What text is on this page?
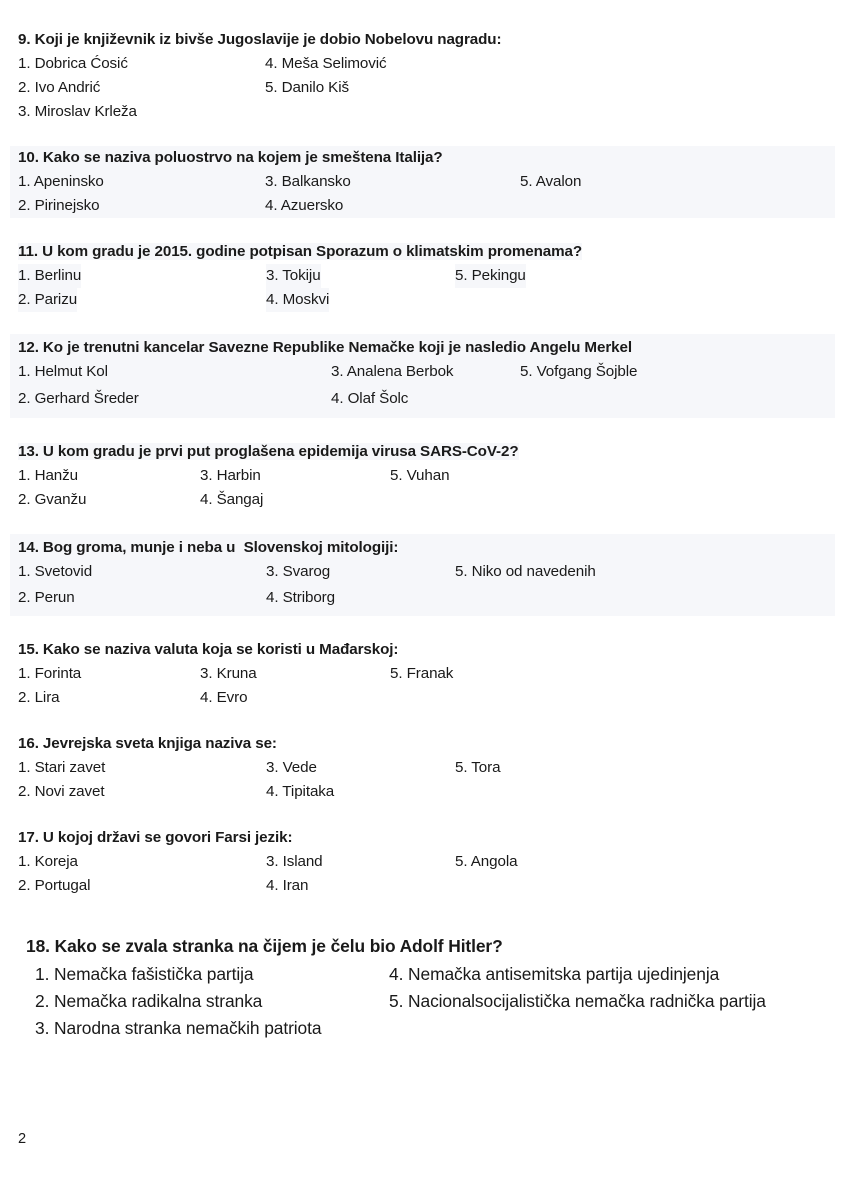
9. Koji je književnik iz bivše Jugoslavije je dobio Nobelovu nagradu:
1. Dobrica Ćosić	4. Meša Selimović
2. Ivo Andrić	5. Danilo Kiš
3. Miroslav Krleža
10. Kako se naziva poluostrvo na kojem je smeštena Italija?
1. Apeninsko	3. Balkansko	5. Avalon
2. Pirinejsko	4. Azuersko
11. U kom gradu je 2015. godine potpisan Sporazum o klimatskim promenama?
1. Berlinu	3. Tokiju	5. Pekingu
2. Parizu	4. Moskvi
12. Ko je trenutni kancelar Savezne Republike Nemačke koji je nasledio Angelu Merkel
1. Helmut Kol	3. Analena Berbok	5. Vofgang Šojble
2. Gerhard Šreder	4. Olaf Šolc
13. U kom gradu je prvi put proglašena epidemija virusa SARS-CoV-2?
1. Hanžu	3. Harbin	5. Vuhan
2. Gvanžu	4. Šangaj
14. Bog groma, munje i neba u  Slovenskoj mitologiji:
1. Svetovid	3. Svarog	5. Niko od navedenih
2. Perun	4. Striborg
15. Kako se naziva valuta koja se koristi u Mađarskoj:
1. Forinta	3. Kruna	5. Franak
2. Lira	4. Evro
16. Jevrejska sveta knjiga naziva se:
1. Stari zavet	3. Vede	5. Tora
2. Novi zavet	4. Tipitaka
17. U kojoj državi se govori Farsi jezik:
1. Koreja	3. Island	5. Angola
2. Portugal	4. Iran
18. Kako se zvala stranka na čijem je čelu bio Adolf Hitler?
1. Nemačka fašistička partija	4. Nemačka antisemitska partija ujedinjenja
2. Nemačka radikalna stranka	5. Nacionalsocijalistička nemačka radnička partija
3. Narodna stranka nemačkih patriota
2
